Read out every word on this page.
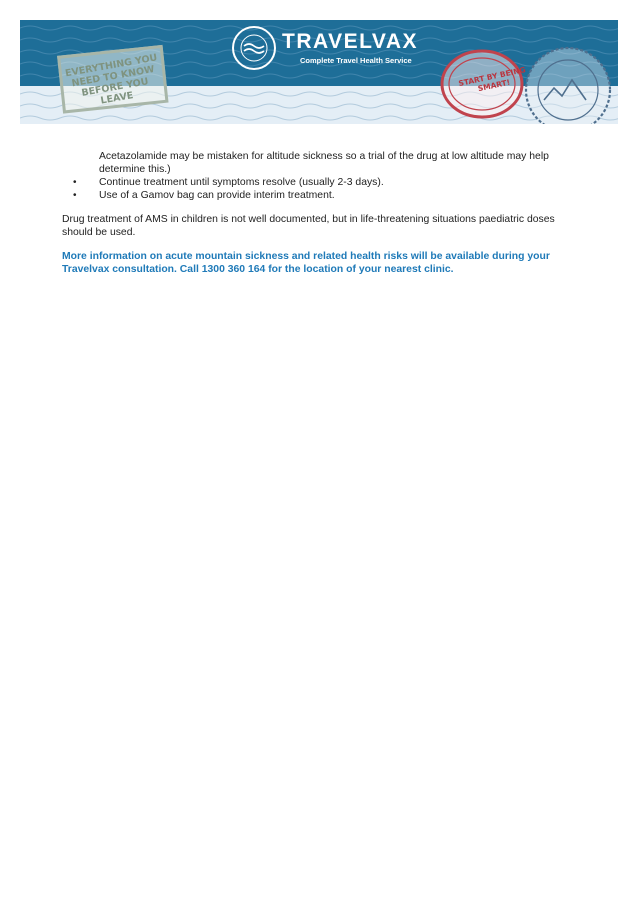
EVERYTHING YOU NEED TO KNOW BEFORE YOU LEAVE
TRAVELVAX
Complete Travel Health Service
START BY BEING SMART!

Acetazolamide may be mistaken for altitude sickness so a trial of the drug at low altitude may help determine this.)

• Continue treatment until symptoms resolve (usually 2-3 days).
• Use of a Gamov bag can provide interim treatment.

Drug treatment of AMS in children is not well documented, but in life-threatening situations paediatric doses should be used.

More information on acute mountain sickness and related health risks will be available during your Travelvax consultation. Call 1300 360 164 for the location of your nearest clinic.
